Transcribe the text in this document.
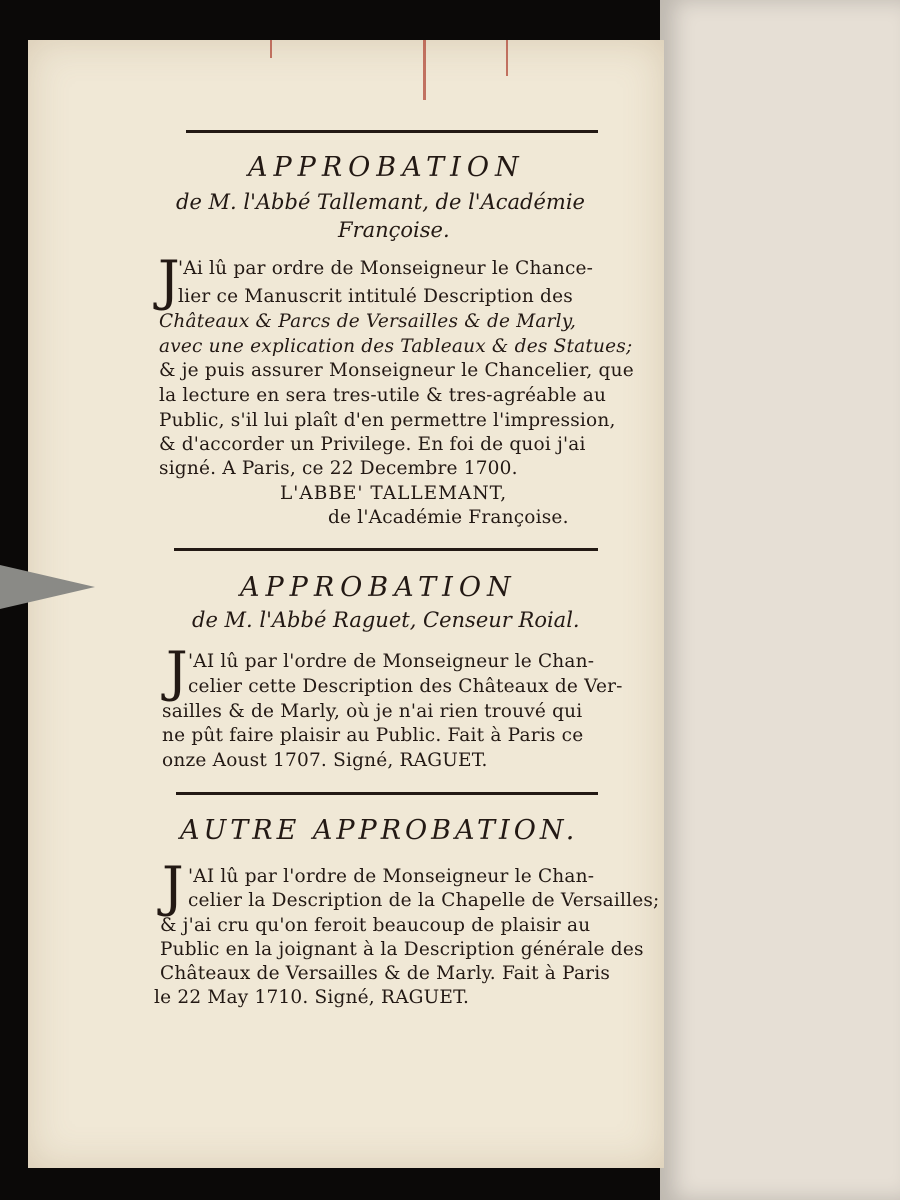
APPROBATION
de M. l'Abbé Tallemant, de l'Académie
Françoise.
J
'Ai lû par ordre de Monseigneur le Chance-
lier ce Manuscrit intitulé Description des
Châteaux & Parcs de Versailles & de Marly,
avec une explication des Tableaux & des Statues;
& je puis assurer Monseigneur le Chancelier, que
la lecture en sera tres-utile & tres-agréable au
Public, s'il lui plaît d'en permettre l'impression,
& d'accorder un Privilege. En foi de quoi j'ai
signé. A Paris, ce 22 Decembre 1700.
L'ABBE' TALLEMANT,
de l'Académie Françoise.
APPROBATION
de M. l'Abbé Raguet, Censeur Roial.
J 'AI lû par l'ordre de Monseigneur le Chan-
celier cette Description des Châteaux de Ver-
sailles & de Marly, où je n'ai rien trouvé qui
ne pût faire plaisir au Public. Fait à Paris ce
onze Aoust 1707. Signé, RAGUET.
AUTRE APPROBATION.
J 'AI lû par l'ordre de Monseigneur le Chan-
celier la Description de la Chapelle de Versailles;
& j'ai cru qu'on feroit beaucoup de plaisir au
Public en la joignant à la Description générale des
Châteaux de Versailles & de Marly. Fait à Paris
le 22 May 1710. Signé, RAGUET.
